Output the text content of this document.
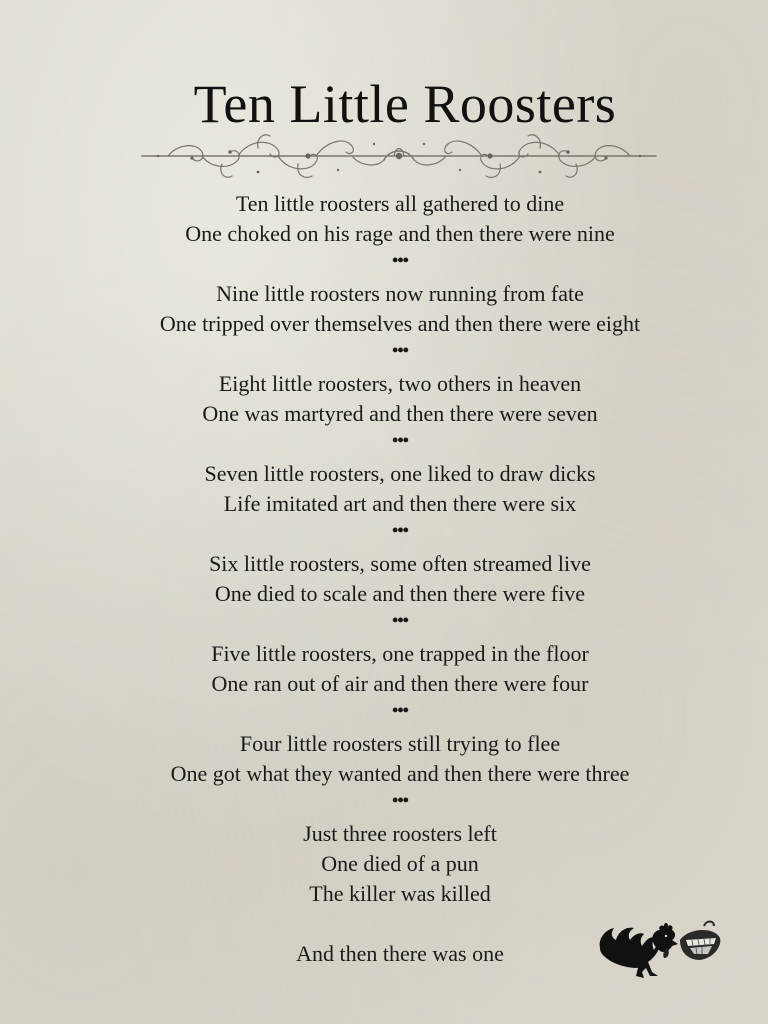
Ten Little Roosters
Ten little roosters all gathered to dine
One choked on his rage and then there were nine
•••
Nine little roosters now running from fate
One tripped over themselves and then there were eight
•••
Eight little roosters, two others in heaven
One was martyred and then there were seven
•••
Seven little roosters, one liked to draw dicks
Life imitated art and then there were six
•••
Six little roosters, some often streamed live
One died to scale and then there were five
•••
Five little roosters, one trapped in the floor
One ran out of air and then there were four
•••
Four little roosters still trying to flee
One got what they wanted and then there were three
•••
Just three roosters left
One died of a pun
The killer was killed
And then there was one
